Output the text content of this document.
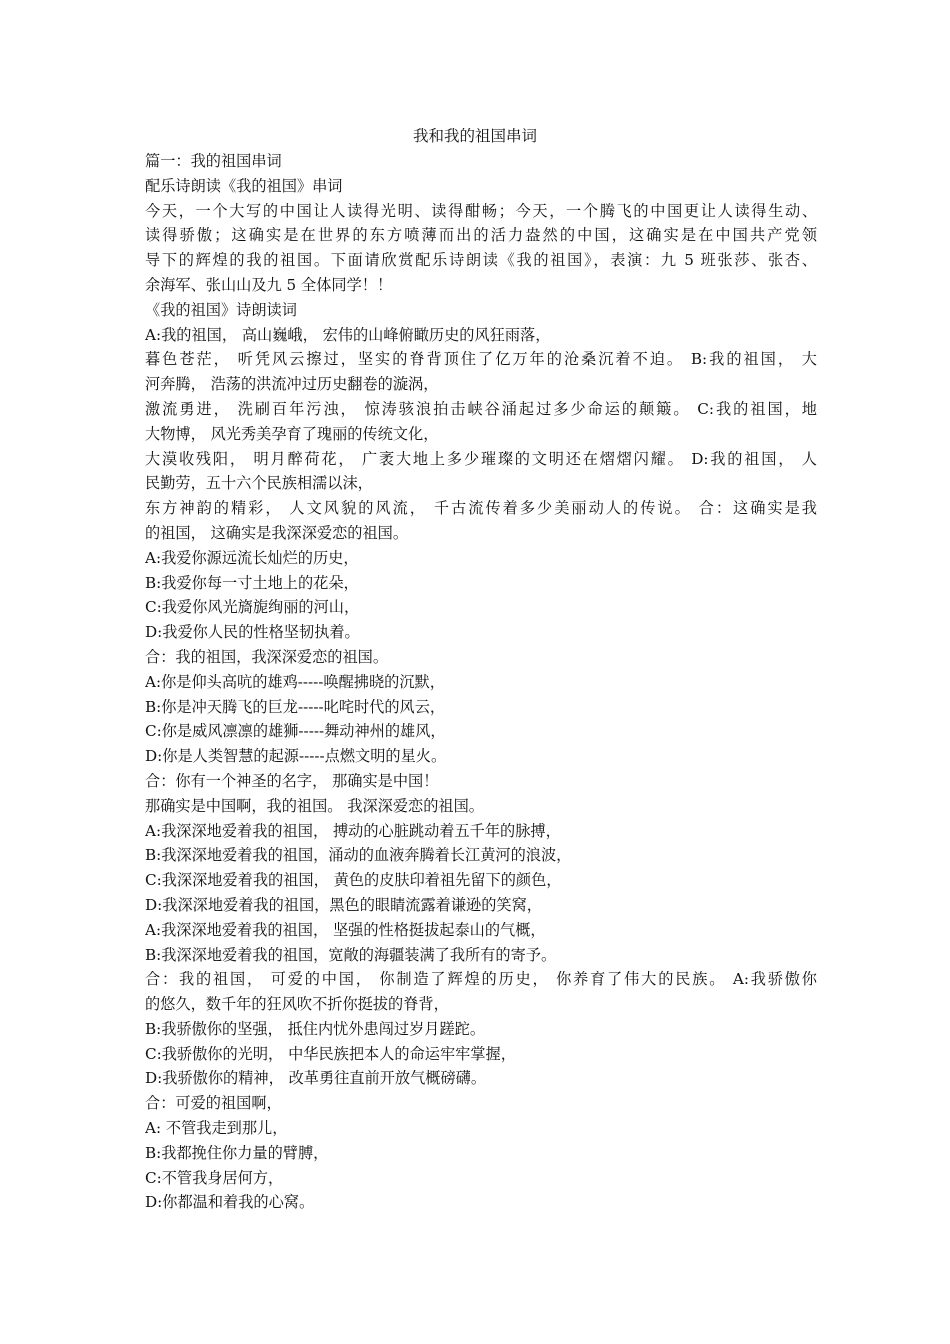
我和我的祖国串词
篇一：我的祖国串词
配乐诗朗读《我的祖国》串词
今天，一个大写的中国让人读得光明、读得酣畅；今天，一个腾飞的中国更让人读得生动、
读得骄傲；这确实是在世界的东方喷薄而出的活力盎然的中国，这确实是在中国共产党领
导下的辉煌的我的祖国。下面请欣赏配乐诗朗读《我的祖国》，表演：九 5 班张莎、张杏、
余海军、张山山及九 5 全体同学！！
《我的祖国》诗朗读词
A:我的祖国， 高山巍峨， 宏伟的山峰俯瞰历史的风狂雨落，
暮色苍茫， 听凭风云擦过，坚实的脊背顶住了亿万年的沧桑沉着不迫。 B:我的祖国， 大
河奔腾， 浩荡的洪流冲过历史翻卷的漩涡，
激流勇进， 洗刷百年污浊， 惊涛骇浪拍击峡谷涌起过多少命运的颠簸。 C:我的祖国，地
大物博， 风光秀美孕育了瑰丽的传统文化，
大漠收残阳， 明月醉荷花， 广袤大地上多少璀璨的文明还在熠熠闪耀。 D:我的祖国， 人
民勤劳，五十六个民族相濡以沫，
东方神韵的精彩， 人文风貌的风流， 千古流传着多少美丽动人的传说。 合：这确实是我
的祖国， 这确实是我深深爱恋的祖国。
A:我爱你源远流长灿烂的历史，
B:我爱你每一寸土地上的花朵，
C:我爱你风光旖旎绚丽的河山，
D:我爱你人民的性格坚韧执着。
合：我的祖国，我深深爱恋的祖国。
A:你是仰头高吭的雄鸡-----唤醒拂晓的沉默，
B:你是冲天腾飞的巨龙-----叱咤时代的风云，
C:你是威风凛凛的雄狮-----舞动神州的雄风，
D:你是人类智慧的起源-----点燃文明的星火。
合：你有一个神圣的名字， 那确实是中国！
那确实是中国啊，我的祖国。 我深深爱恋的祖国。
A:我深深地爱着我的祖国， 搏动的心脏跳动着五千年的脉搏，
B:我深深地爱着我的祖国，涌动的血液奔腾着长江黄河的浪波，
C:我深深地爱着我的祖国， 黄色的皮肤印着祖先留下的颜色，
D:我深深地爱着我的祖国，黑色的眼睛流露着谦逊的笑窝，
A:我深深地爱着我的祖国， 坚强的性格挺拔起泰山的气概，
B:我深深地爱着我的祖国，宽敞的海疆装满了我所有的寄予。
合：我的祖国， 可爱的中国， 你制造了辉煌的历史， 你养育了伟大的民族。 A:我骄傲你
的悠久，数千年的狂风吹不折你挺拔的脊背，
B:我骄傲你的坚强， 抵住内忧外患闯过岁月蹉跎。
C:我骄傲你的光明， 中华民族把本人的命运牢牢掌握，
D:我骄傲你的精神， 改革勇往直前开放气概磅礴。
合：可爱的祖国啊，
A: 不管我走到那儿，
B:我都挽住你力量的臂膊，
C:不管我身居何方，
D:你都温和着我的心窝。
